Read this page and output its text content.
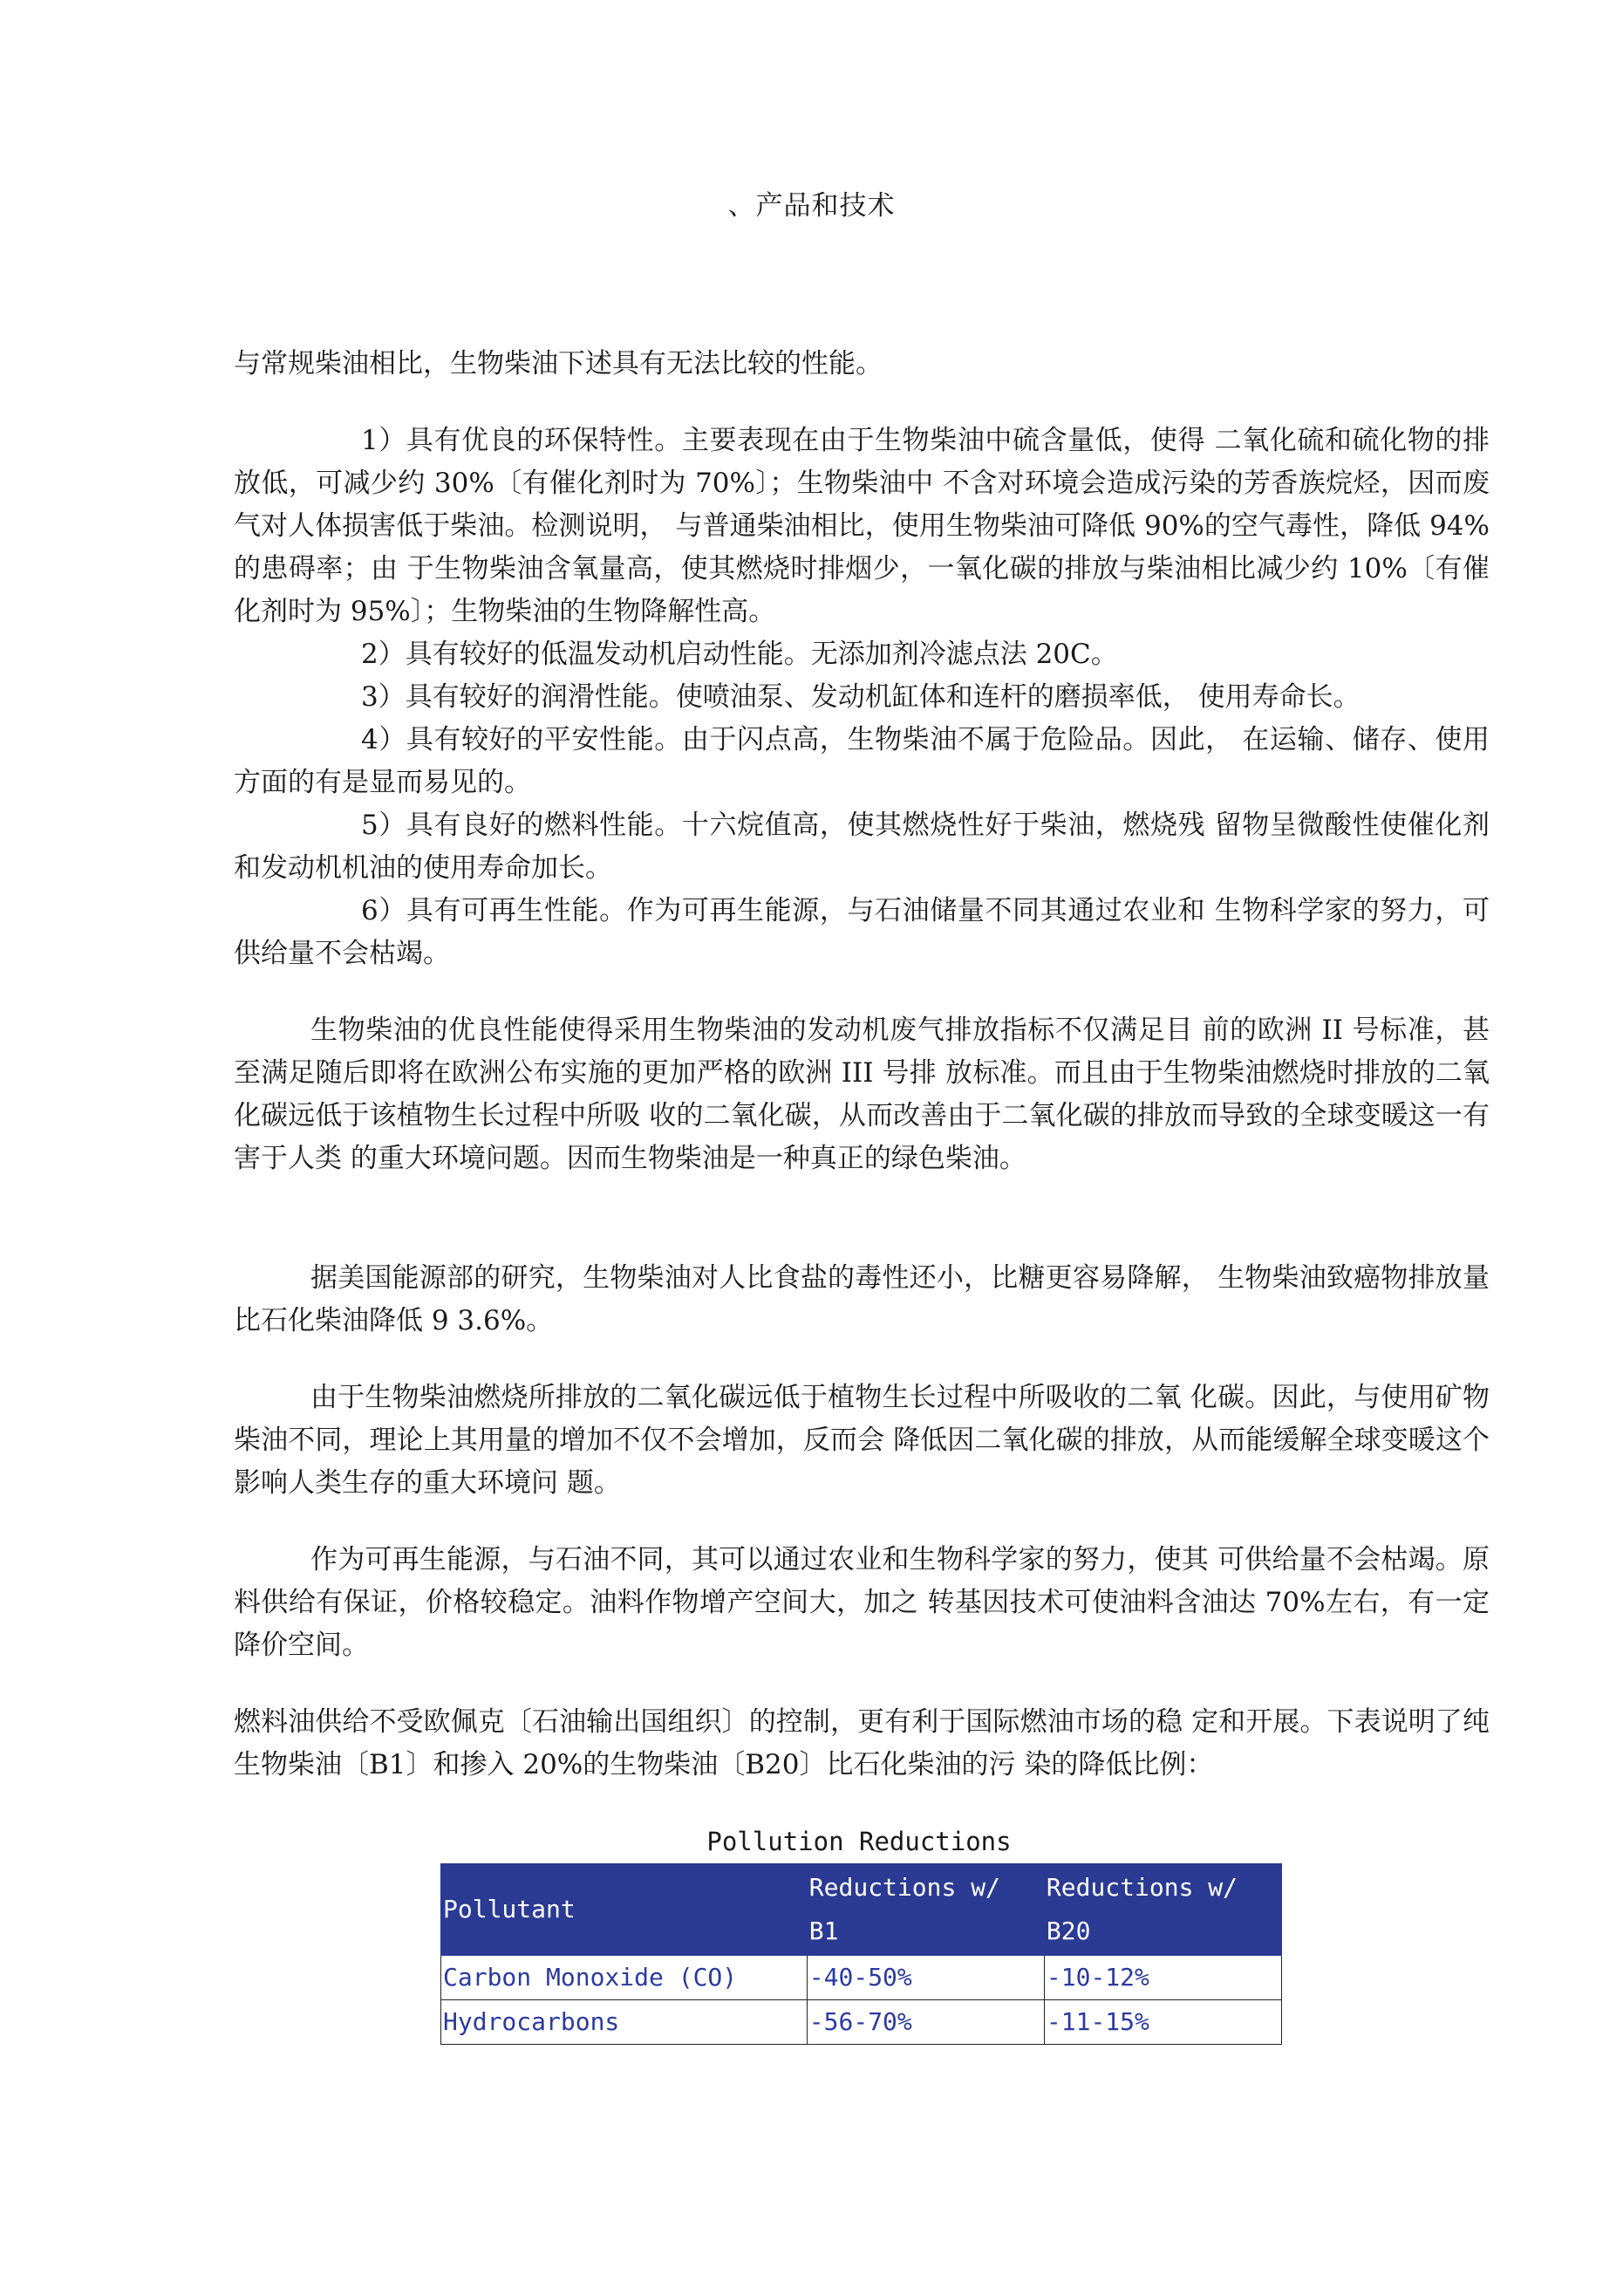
、产品和技术

与常规柴油相比，生物柴油下述具有无法比较的性能。

1）具有优良的环保特性。主要表现在由于生物柴油中硫含量低，使得 二氧化硫和硫化物的排放低，可减少约 30%〔有催化剂时为 70%〕；生物柴油中 不含对环境会造成污染的芳香族烷烃，因而废气对人体损害低于柴油。检测说明， 与普通柴油相比，使用生物柴油可降低 90%的空气毒性，降低 94%的患碍率；由 于生物柴油含氧量高，使其燃烧时排烟少，一氧化碳的排放与柴油相比减少约 10%〔有催化剂时为 95%〕；生物柴油的生物降解性高。

2）具有较好的低温发动机启动性能。无添加剂冷滤点法 20C。

3）具有较好的润滑性能。使喷油泵、发动机缸体和连杆的磨损率低， 使用寿命长。

4）具有较好的平安性能。由于闪点高，生物柴油不属于危险品。因此， 在运输、储存、使用方面的有是显而易见的。

5）具有良好的燃料性能。十六烷值高，使其燃烧性好于柴油，燃烧残 留物呈微酸性使催化剂和发动机机油的使用寿命加长。

6）具有可再生性能。作为可再生能源，与石油储量不同其通过农业和 生物科学家的努力，可供给量不会枯竭。

生物柴油的优良性能使得采用生物柴油的发动机废气排放指标不仅满足目 前的欧洲 II 号标准，甚至满足随后即将在欧洲公布实施的更加严格的欧洲 III 号排 放标准。而且由于生物柴油燃烧时排放的二氧化碳远低于该植物生长过程中所吸 收的二氧化碳，从而改善由于二氧化碳的排放而导致的全球变暖这一有害于人类 的重大环境问题。因而生物柴油是一种真正的绿色柴油。

据美国能源部的研究，生物柴油对人比食盐的毒性还小，比糖更容易降解， 生物柴油致癌物排放量比石化柴油降低 9 3.6%。

由于生物柴油燃烧所排放的二氧化碳远低于植物生长过程中所吸收的二氧 化碳。因此，与使用矿物柴油不同，理论上其用量的增加不仅不会增加，反而会 降低因二氧化碳的排放，从而能缓解全球变暖这个影响人类生存的重大环境问 题。

作为可再生能源，与石油不同，其可以通过农业和生物科学家的努力，使其 可供给量不会枯竭。原料供给有保证，价格较稳定。油料作物增产空间大，加之 转基因技术可使油料含油达 70%左右，有一定降价空间。

燃料油供给不受欧佩克〔石油输出国组织〕的控制，更有利于国际燃油市场的稳 定和开展。下表说明了纯生物柴油〔B1〕和掺入 20%的生物柴油〔B20〕比石化柴油的污 染的降低比例：

Pollution Reductions
Pollutant	Reductions w/ B1	Reductions w/ B20
Carbon Monoxide (CO)	-40-50%	-10-12%
Hydrocarbons	-56-70%	-11-15%
